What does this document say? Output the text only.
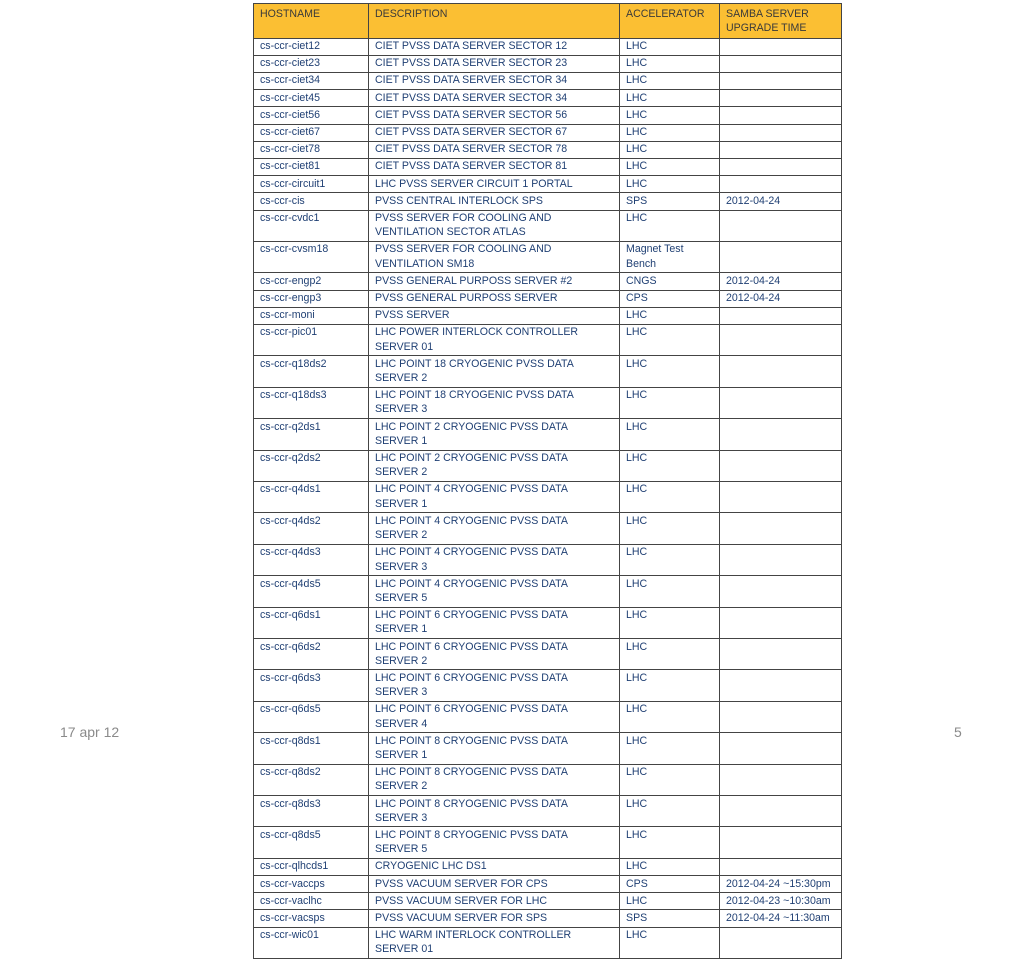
HOSTNAME	DESCRIPTION	ACCELERATOR	SAMBA SERVER UPGRADE TIME
cs-ccr-ciet12	CIET PVSS DATA SERVER SECTOR 12	LHC	
cs-ccr-ciet23	CIET PVSS DATA SERVER SECTOR 23	LHC	
cs-ccr-ciet34	CIET PVSS DATA SERVER SECTOR 34	LHC	
cs-ccr-ciet45	CIET PVSS DATA SERVER SECTOR 34	LHC	
cs-ccr-ciet56	CIET PVSS DATA SERVER SECTOR 56	LHC	
cs-ccr-ciet67	CIET PVSS DATA SERVER SECTOR 67	LHC	
cs-ccr-ciet78	CIET PVSS DATA SERVER SECTOR 78	LHC	
cs-ccr-ciet81	CIET PVSS DATA SERVER SECTOR 81	LHC	
cs-ccr-circuit1	LHC PVSS SERVER CIRCUIT 1 PORTAL	LHC	
cs-ccr-cis	PVSS CENTRAL INTERLOCK SPS	SPS	2012-04-24
cs-ccr-cvdc1	PVSS SERVER FOR COOLING AND VENTILATION SECTOR ATLAS	LHC	
cs-ccr-cvsm18	PVSS SERVER FOR COOLING AND VENTILATION SM18	Magnet Test Bench	
cs-ccr-engp2	PVSS GENERAL PURPOSS SERVER #2	CNGS	2012-04-24
cs-ccr-engp3	PVSS GENERAL PURPOSS SERVER	CPS	2012-04-24
cs-ccr-moni	PVSS SERVER	LHC	
cs-ccr-pic01	LHC POWER INTERLOCK CONTROLLER SERVER 01	LHC	
cs-ccr-q18ds2	LHC POINT 18 CRYOGENIC PVSS DATA SERVER 2	LHC	
cs-ccr-q18ds3	LHC POINT 18 CRYOGENIC PVSS DATA SERVER 3	LHC	
cs-ccr-q2ds1	LHC POINT 2 CRYOGENIC PVSS DATA SERVER 1	LHC	
cs-ccr-q2ds2	LHC POINT 2 CRYOGENIC PVSS DATA SERVER 2	LHC	
cs-ccr-q4ds1	LHC POINT 4 CRYOGENIC PVSS DATA SERVER 1	LHC	
cs-ccr-q4ds2	LHC POINT 4 CRYOGENIC PVSS DATA SERVER 2	LHC	
cs-ccr-q4ds3	LHC POINT 4 CRYOGENIC PVSS DATA SERVER 3	LHC	
cs-ccr-q4ds5	LHC POINT 4 CRYOGENIC PVSS DATA SERVER 5	LHC	
cs-ccr-q6ds1	LHC POINT 6 CRYOGENIC PVSS DATA SERVER 1	LHC	
cs-ccr-q6ds2	LHC POINT 6 CRYOGENIC PVSS DATA SERVER 2	LHC	
cs-ccr-q6ds3	LHC POINT 6 CRYOGENIC PVSS DATA SERVER 3	LHC	
cs-ccr-q6ds5	LHC POINT 6 CRYOGENIC PVSS DATA SERVER 4	LHC	
cs-ccr-q8ds1	LHC POINT 8 CRYOGENIC PVSS DATA SERVER 1	LHC	
cs-ccr-q8ds2	LHC POINT 8 CRYOGENIC PVSS DATA SERVER 2	LHC	
cs-ccr-q8ds3	LHC POINT 8 CRYOGENIC PVSS DATA SERVER 3	LHC	
cs-ccr-q8ds5	LHC POINT 8 CRYOGENIC PVSS DATA SERVER 5	LHC	
cs-ccr-qlhcds1	CRYOGENIC LHC DS1	LHC	
cs-ccr-vaccps	PVSS VACUUM SERVER FOR CPS	CPS	2012-04-24 ~15:30pm
cs-ccr-vaclhc	PVSS VACUUM SERVER FOR LHC	LHC	2012-04-23 ~10:30am
cs-ccr-vacsps	PVSS VACUUM SERVER FOR SPS	SPS	2012-04-24 ~11:30am
cs-ccr-wic01	LHC WARM INTERLOCK CONTROLLER SERVER 01	LHC	
17 apr 12	5
